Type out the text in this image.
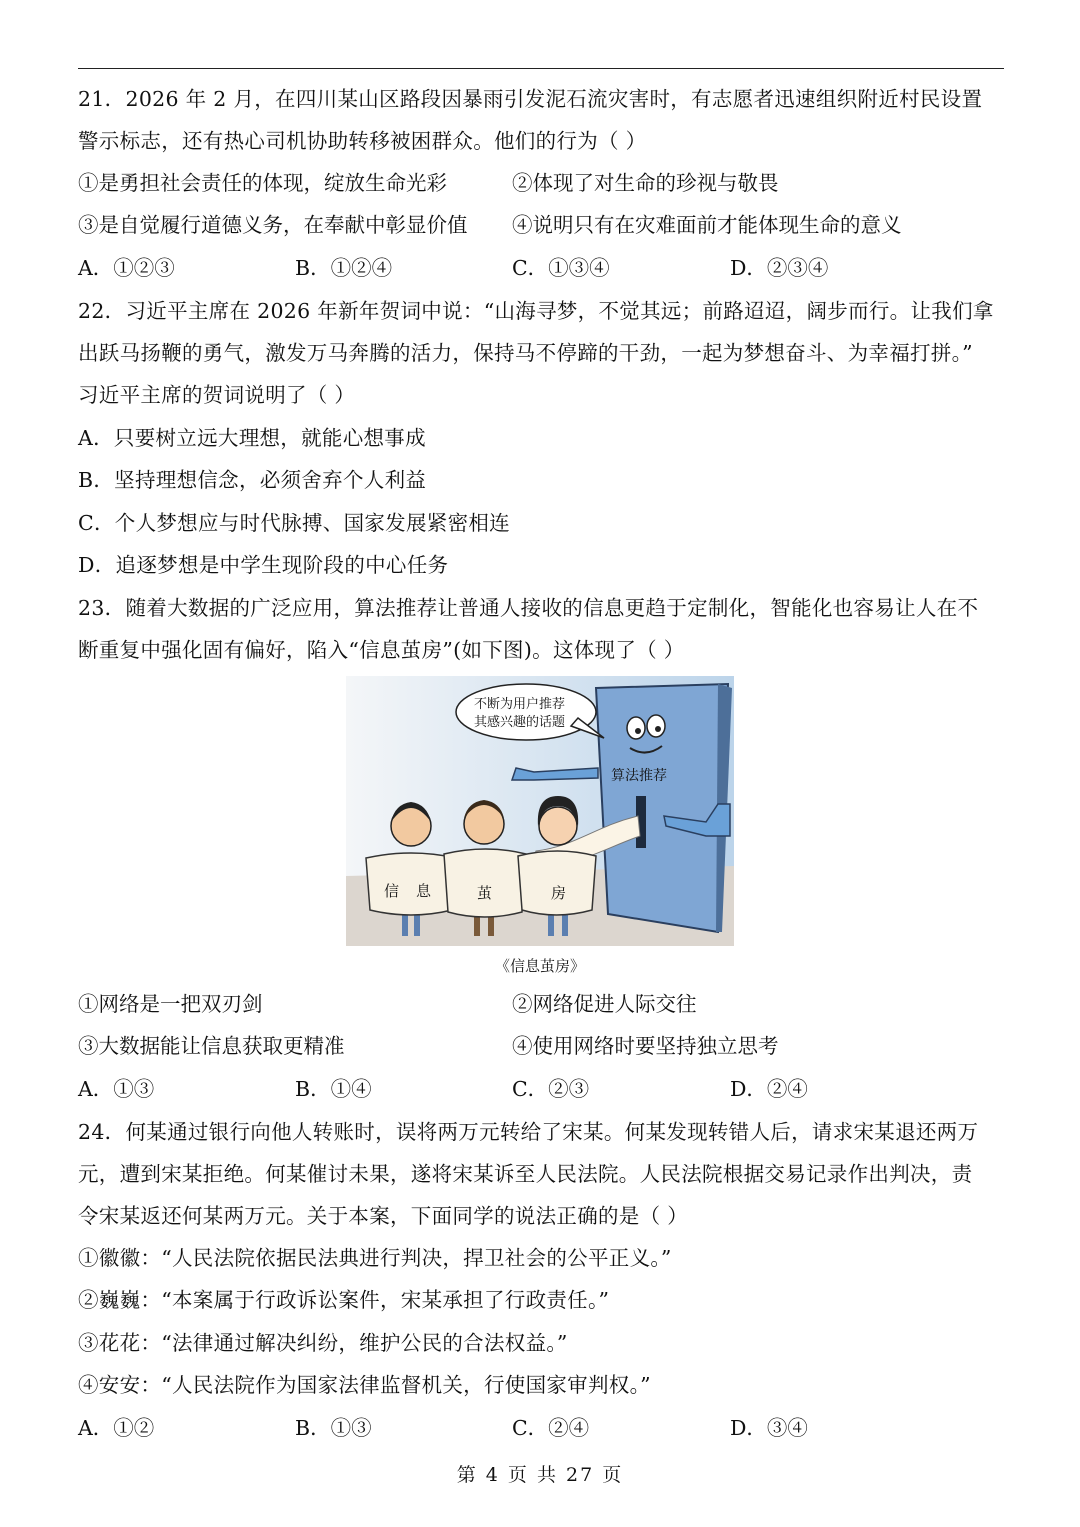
21．2026 年 2 月，在四川某山区路段因暴雨引发泥石流灾害时，有志愿者迅速组织附近村民设置
警示标志，还有热心司机协助转移被困群众。他们的行为（ ）
①是勇担社会责任的体现，绽放生命光彩	②体现了对生命的珍视与敬畏
③是自觉履行道德义务，在奉献中彰显价值 ④说明只有在灾难面前才能体现生命的意义
A．①②③	B．①②④	C．①③④	D．②③④
22．习近平主席在 2026 年新年贺词中说：“山海寻梦，不觉其远；前路迢迢，阔步而行。让我们拿
出跃马扬鞭的勇气，激发万马奔腾的活力，保持马不停蹄的干劲，一起为梦想奋斗、为幸福打拼。”
习近平主席的贺词说明了（ ）
A．只要树立远大理想，就能心想事成
B．坚持理想信念，必须舍弃个人利益
C．个人梦想应与时代脉搏、国家发展紧密相连
D．追逐梦想是中学生现阶段的中心任务
23．随着大数据的广泛应用，算法推荐让普通人接收的信息更趋于定制化，智能化也容易让人在不
断重复中强化固有偏好，陷入“信息茧房”(如下图)。这体现了（ ）
算法推荐
不断为用户推荐
其感兴趣的话题
信 息	茧	房
《信息茧房》
①网络是一把双刃剑	②网络促进人际交往
③大数据能让信息获取更精准	④使用网络时要坚持独立思考
A．①③	B．①④	C．②③	D．②④
24．何某通过银行向他人转账时，误将两万元转给了宋某。何某发现转错人后，请求宋某退还两万
元，遭到宋某拒绝。何某催讨未果，遂将宋某诉至人民法院。人民法院根据交易记录作出判决，责
令宋某返还何某两万元。关于本案，下面同学的说法正确的是（ ）
①徽徽：“人民法院依据民法典进行判决，捍卫社会的公平正义。”
②巍巍：“本案属于行政诉讼案件，宋某承担了行政责任。”
③花花：“法律通过解决纠纷，维护公民的合法权益。”
④安安：“人民法院作为国家法律监督机关，行使国家审判权。”
A．①②	B．①③	C．②④	D．③④
第 4 页 共 27 页
